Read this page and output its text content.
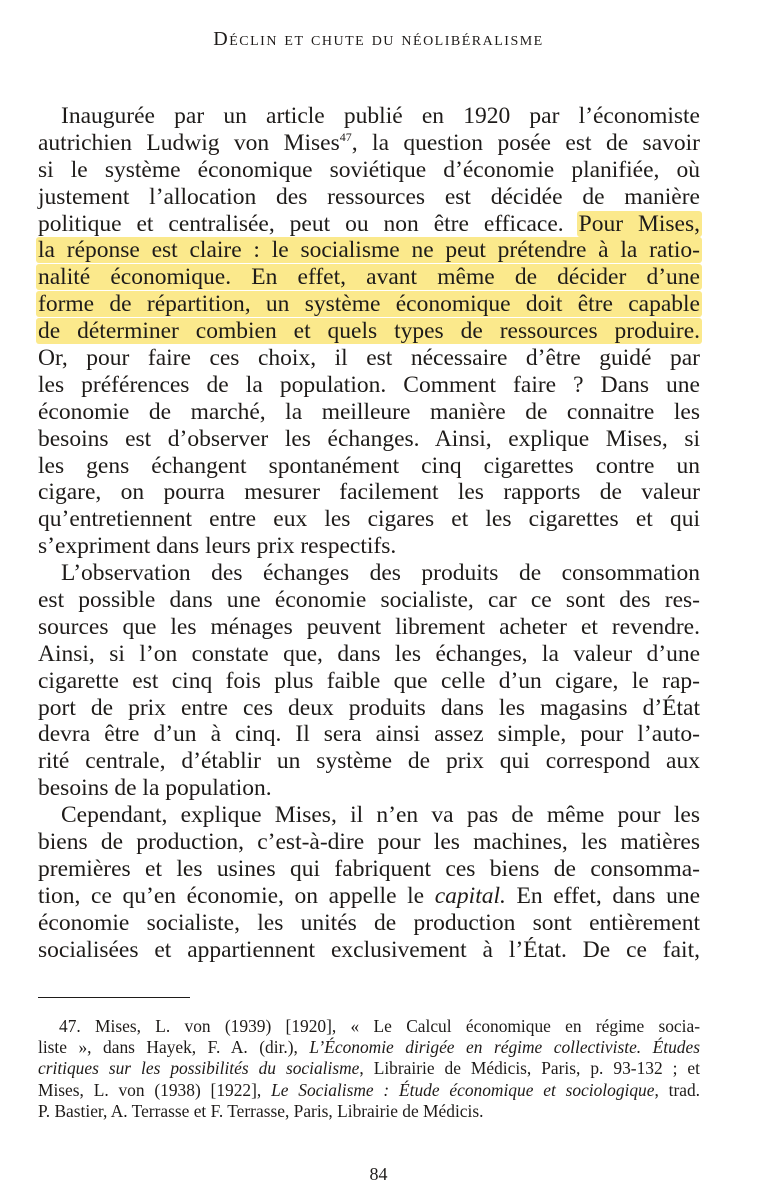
Déclin et chute du néolibéralisme
Inaugurée par un article publié en 1920 par l’économiste
autrichien Ludwig von Mises$^{47}$, la question posée est de savoir
si le système économique soviétique d’économie planifiée, où
justement l’allocation des ressources est décidée de manière
politique et centralisée, peut ou non être efficace. Pour Mises,
la réponse est claire : le socialisme ne peut prétendre à la ratio-
nalité économique. En effet, avant même de décider d’une
forme de répartition, un système économique doit être capable
de déterminer combien et quels types de ressources produire.
Or, pour faire ces choix, il est nécessaire d’être guidé par
les préférences de la population. Comment faire ? Dans une
économie de marché, la meilleure manière de connaitre les
besoins est d’observer les échanges. Ainsi, explique Mises, si
les gens échangent spontanément cinq cigarettes contre un
cigare, on pourra mesurer facilement les rapports de valeur
qu’entretiennent entre eux les cigares et les cigarettes et qui
s’expriment dans leurs prix respectifs.
L’observation des échanges des produits de consommation
est possible dans une économie socialiste, car ce sont des res-
sources que les ménages peuvent librement acheter et revendre.
Ainsi, si l’on constate que, dans les échanges, la valeur d’une
cigarette est cinq fois plus faible que celle d’un cigare, le rap-
port de prix entre ces deux produits dans les magasins d’État
devra être d’un à cinq. Il sera ainsi assez simple, pour l’auto-
rité centrale, d’établir un système de prix qui correspond aux
besoins de la population.
Cependant, explique Mises, il n’en va pas de même pour les
biens de production, c’est-à-dire pour les machines, les matières
premières et les usines qui fabriquent ces biens de consomma-
tion, ce qu’en économie, on appelle le capital. En effet, dans une
économie socialiste, les unités de production sont entièrement
socialisées et appartiennent exclusivement à l’État. De ce fait,
47. Mises, L. von (1939) [1920], « Le Calcul économique en régime socia-
liste », dans Hayek, F. A. (dir.), L’Économie dirigée en régime collectiviste. Études
critiques sur les possibilités du socialisme, Librairie de Médicis, Paris, p. 93-132 ; et
Mises, L. von (1938) [1922], Le Socialisme : Étude économique et sociologique, trad.
P. Bastier, A. Terrasse et F. Terrasse, Paris, Librairie de Médicis.
84
